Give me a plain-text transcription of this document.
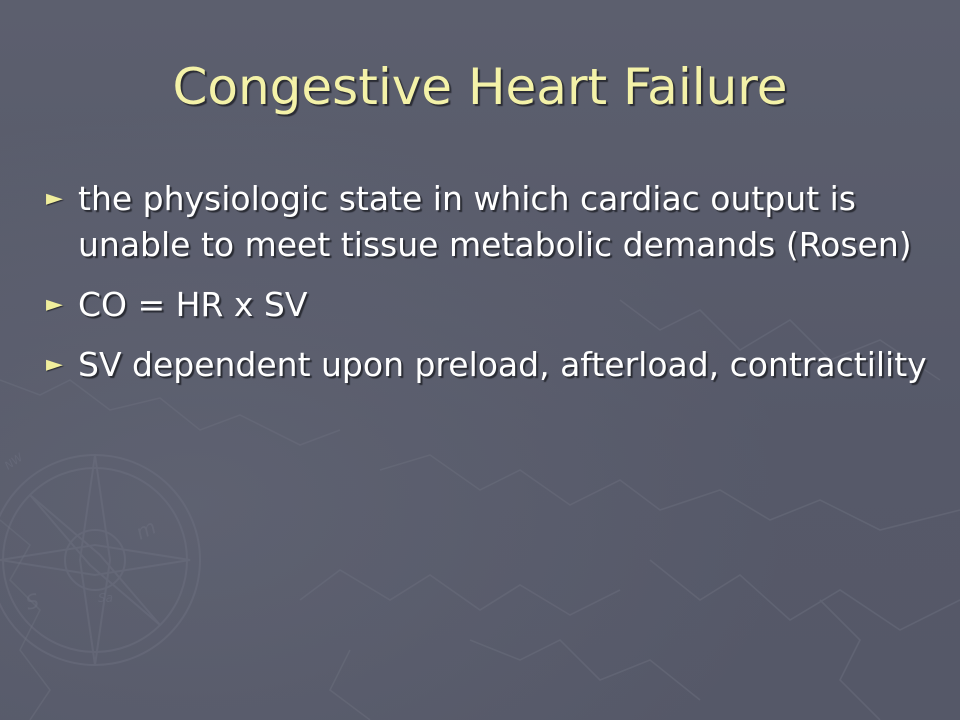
m
S	Sa
NW
Congestive Heart Failure
► the physiologic state in which cardiac output is unable to meet tissue metabolic demands (Rosen)
► CO = HR x SV
► SV dependent upon preload, afterload, contractility
